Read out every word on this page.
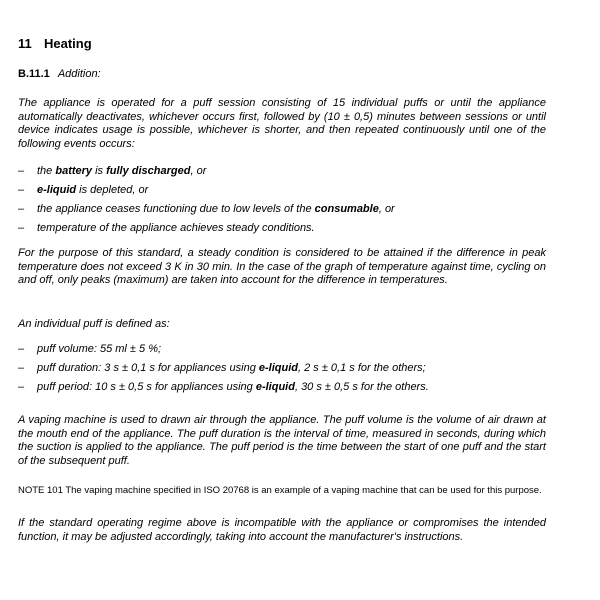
11 Heating
B.11.1 Addition:

The appliance is operated for a puff session consisting of 15 individual puffs or until the appliance automatically deactivates, whichever occurs first, followed by (10 ± 0,5) minutes between sessions or until device indicates usage is possible, whichever is shorter, and then repeated continuously until one of the following events occurs:

– the battery is fully discharged, or
– e-liquid is depleted, or
– the appliance ceases functioning due to low levels of the consumable, or
– temperature of the appliance achieves steady conditions.

For the purpose of this standard, a steady condition is considered to be attained if the difference in peak temperature does not exceed 3 K in 30 min. In the case of the graph of temperature against time, cycling on and off, only peaks (maximum) are taken into account for the difference in temperatures.

An individual puff is defined as:

– puff volume: 55 ml ± 5 %;
– puff duration: 3 s ± 0,1 s for appliances using e-liquid, 2 s ± 0,1 s for the others;
– puff period: 10 s ± 0,5 s for appliances using e-liquid, 30 s ± 0,5 s for the others.

A vaping machine is used to drawn air through the appliance. The puff volume is the volume of air drawn at the mouth end of the appliance. The puff duration is the interval of time, measured in seconds, during which the suction is applied to the appliance. The puff period is the time between the start of one puff and the start of the subsequent puff.

NOTE 101 The vaping machine specified in ISO 20768 is an example of a vaping machine that can be used for this purpose.

If the standard operating regime above is incompatible with the appliance or compromises the intended function, it may be adjusted accordingly, taking into account the manufacturer's instructions.
